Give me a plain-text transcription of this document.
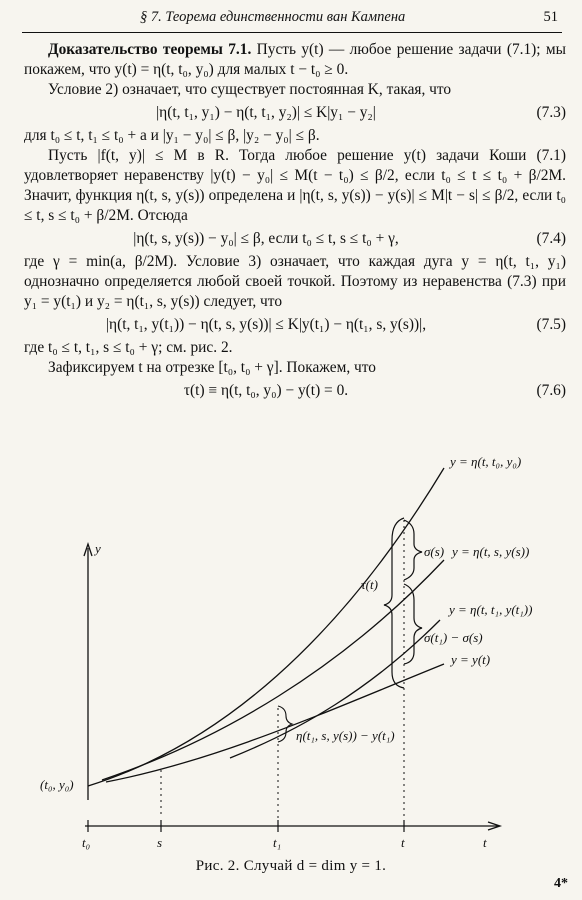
§ 7. Теорема единственности ван Кампена	51

Доказательство теоремы 7.1. Пусть y(t) — любое решение задачи (7.1); мы покажем, что y(t) = η(t, t₀, y₀) для малых t − t₀ ≥ 0.

Условие 2) означает, что существует постоянная K, такая, что

|η(t, t₁, y₁) − η(t, t₁, y₂)| ≤ K|y₁ − y₂|	(7.3)

для t₀ ≤ t, t₁ ≤ t₀ + a и |y₁ − y₀| ≤ β, |y₂ − y₀| ≤ β.

Пусть |f(t, y)| ≤ M в R. Тогда любое решение y(t) задачи Коши (7.1) удовлетворяет неравенству |y(t) − y₀| ≤ M(t − t₀) ≤ β/2, если t₀ ≤ t ≤ t₀ + β/2M. Значит, функция η(t, s, y(s)) определена и |η(t, s, y(s)) − y(s)| ≤ M|t − s| ≤ β/2, если t₀ ≤ t, s ≤ t₀ + β/2M. Отсюда

|η(t, s, y(s)) − y₀| ≤ β, если t₀ ≤ t, s ≤ t₀ + γ,	(7.4)

где γ = min(a, β/2M). Условие 3) означает, что каждая дуга y = η(t, t₁, y₁) однозначно определяется любой своей точкой. Поэтому из неравенства (7.3) при y₁ = y(t₁) и y₂ = η(t₁, s, y(s)) следует, что

|η(t, t₁, y(t₁)) − η(t, s, y(s))| ≤ K|y(t₁) − η(t₁, s, y(s))|,	(7.5)

где t₀ ≤ t, t₁, s ≤ t₀ + γ; см. рис. 2.

Зафиксируем t на отрезке [t₀, t₀ + γ]. Покажем, что

τ(t) ≡ η(t, t₀, y₀) − y(t) = 0.	(7.6)
y
t₀	s	t₁	t	t
(t₀, y₀)
y = η(t, t₀, y₀)
y = η(t, s, y(s))
y = η(t, t₁, y(t₁))
y = y(t)
σ(s)
τ(t)
σ(t₁) − σ(s)
η(t₁, s, y(s)) − y(t₁)
Рис. 2. Случай d = dim y = 1.
4*
